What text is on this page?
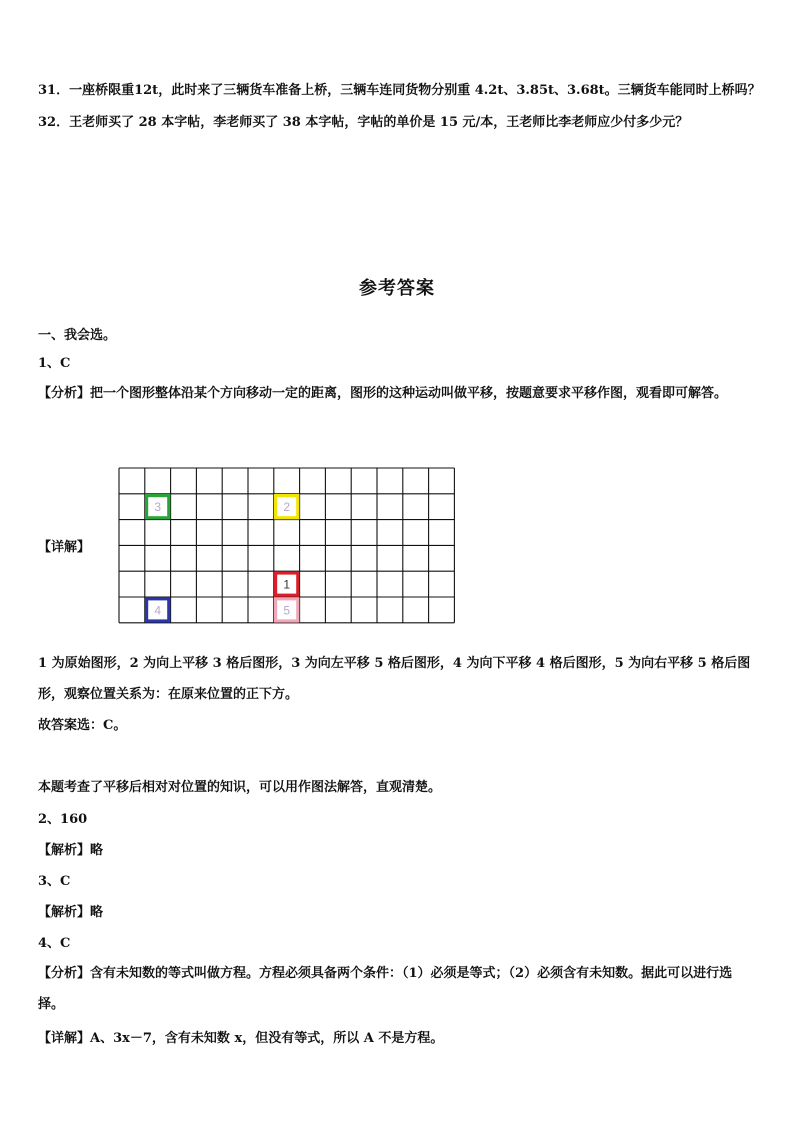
31．一座桥限重12t，此时来了三辆货车准备上桥，三辆车连同货物分别重 4.2t、3.85t、3.68t。三辆货车能同时上桥吗？
32．王老师买了 28 本字帖，李老师买了 38 本字帖，字帖的单价是 15 元/本，王老师比李老师应少付多少元？
参考答案
一、我会选。
1、C
【分析】把一个图形整体沿某个方向移动一定的距离，图形的这种运动叫做平移，按题意要求平移作图，观看即可解答。
【详解】
1
2
3
4	5
1 为原始图形，2 为向上平移 3 格后图形，3 为向左平移 5 格后图形，4 为向下平移 4 格后图形，5 为向右平移 5 格后图形，观察位置关系为：在原来位置的正下方。
故答案选：C。
本题考查了平移后相对对位置的知识，可以用作图法解答，直观清楚。
2、160
【解析】略
3、C
【解析】略
4、C
【分析】含有未知数的等式叫做方程。方程必须具备两个条件：（1）必须是等式；（2）必须含有未知数。据此可以进行选择。
【详解】A、3x－7，含有未知数 x，但没有等式，所以 A 不是方程。
